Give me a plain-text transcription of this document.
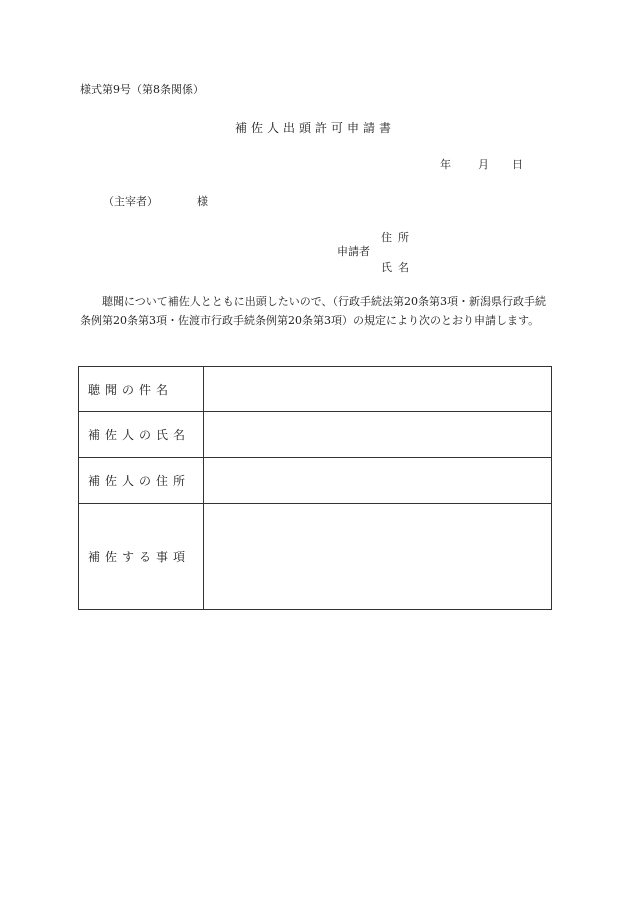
様式第9号（第8条関係）
補佐人出頭許可申請書
年 月 日
（主宰者）	様
住所
申請者
氏名
聴聞について補佐人とともに出頭したいので、（行政手続法第20条第3項・新潟県行政手続条例第20条第3項・佐渡市行政手続条例第20条第3項）の規定により次のとおり申請します。
聴聞の件名	
補佐人の氏名	
補佐人の住所	
補佐する事項	
